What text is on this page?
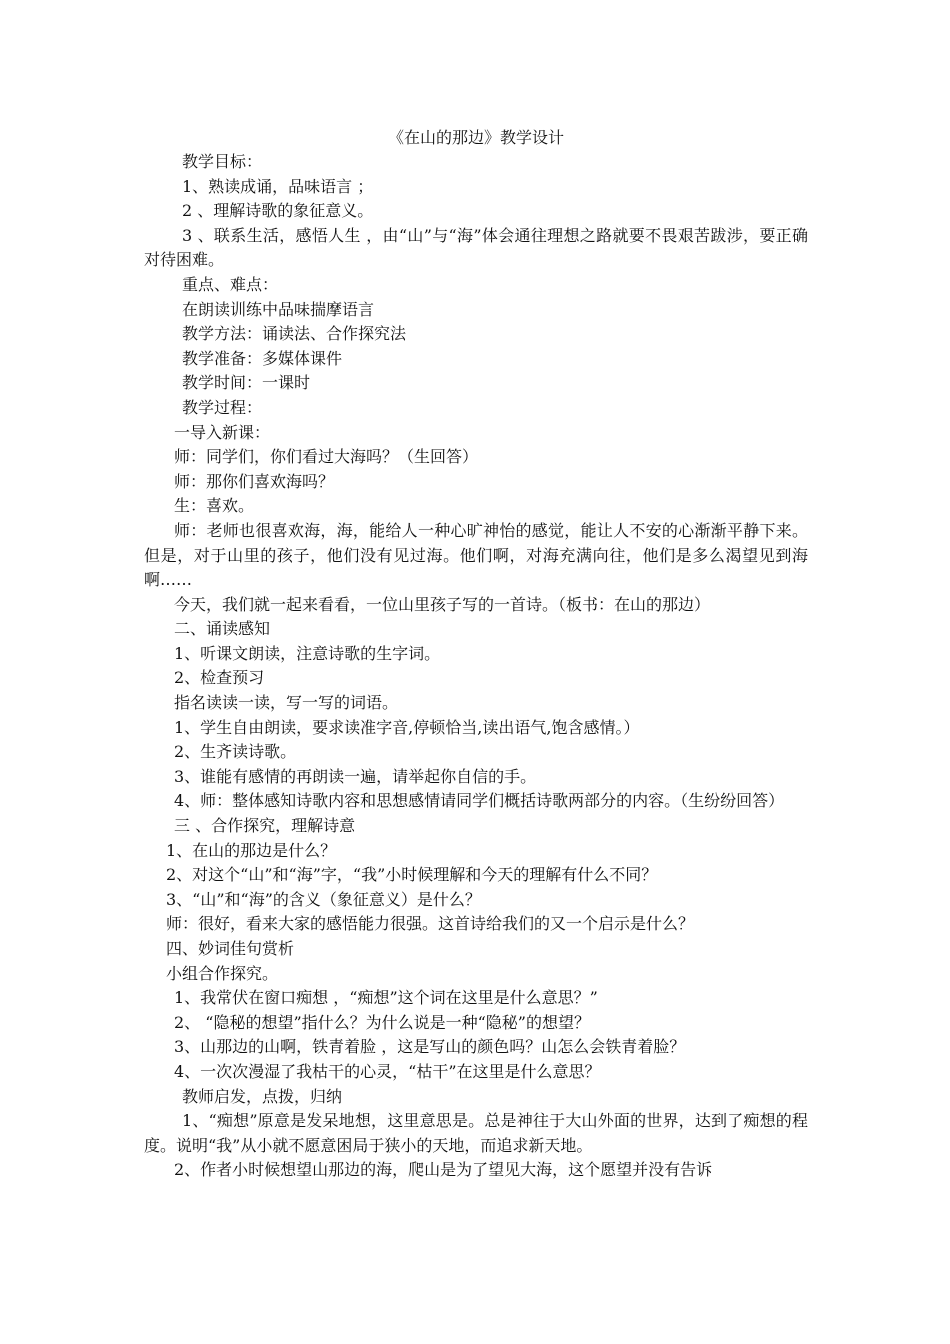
《在山的那边》教学设计
教学目标：
1、熟读成诵，品味语言 ；
2 、理解诗歌的象征意义。
3 、联系生活，感悟人生 ，由“山”与“海”体会通往理想之路就要不畏艰苦跋涉，要正确对待困难。
重点、难点：
在朗读训练中品味揣摩语言
教学方法：诵读法、合作探究法
教学准备：多媒体课件
教学时间：一课时
教学过程：
一导入新课：
师：同学们，你们看过大海吗？（生回答）
师：那你们喜欢海吗？
生：喜欢。
师：老师也很喜欢海，海，能给人一种心旷神怡的感觉，能让人不安的心渐渐平静下来。但是，对于山里的孩子，他们没有见过海。他们啊，对海充满向往，他们是多么渴望见到海啊……
今天，我们就一起来看看，一位山里孩子写的一首诗。（板书：在山的那边）
二、诵读感知
1、听课文朗读，注意诗歌的生字词。
2、检查预习
指名读读一读，写一写的词语。
1、学生自由朗读，要求读准字音,停顿恰当,读出语气,饱含感情。）
2、生齐读诗歌。
3、谁能有感情的再朗读一遍，请举起你自信的手。
4、师：整体感知诗歌内容和思想感情请同学们概括诗歌两部分的内容。（生纷纷回答）
三 、合作探究，理解诗意
1、在山的那边是什么？
2、对这个“山”和“海”字，“我”小时候理解和今天的理解有什么不同？
3、“山”和“海”的含义（象征意义）是什么？
师：很好，看来大家的感悟能力很强。这首诗给我们的又一个启示是什么？
四、妙词佳句赏析
小组合作探究。
1、我常伏在窗口痴想 ，“痴想”这个词在这里是什么意思？”
2、 “隐秘的想望”指什么？为什么说是一种“隐秘”的想望？
3、山那边的山啊，铁青着脸 ，这是写山的颜色吗？山怎么会铁青着脸？
4、一次次漫湿了我枯干的心灵，“枯干”在这里是什么意思？
教师启发，点拨，归纳
1、“痴想”原意是发呆地想，这里意思是。总是神往于大山外面的世界，达到了痴想的程度。说明“我”从小就不愿意困局于狭小的天地，而追求新天地。
2、作者小时候想望山那边的海，爬山是为了望见大海，这个愿望并没有告诉
